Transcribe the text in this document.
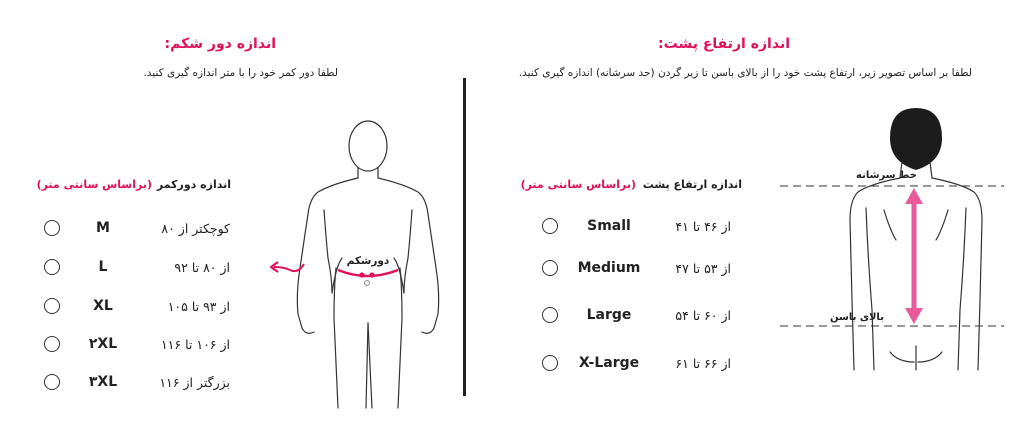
اندازه دور شکم:
لطفا دور کمر خود را با متر اندازه گیری کنید.
اندازه دورکمر
(براساس سانتی متر)
M	کوچکتر از ۸۰
L	از ۸۰ تا ۹۲
XL	از ۹۳ تا ۱۰۵
۲XL	از ۱۰۶ تا ۱۱۶
۳XL	بزرگتر از ۱۱۶
دورشکم
اندازه ارتفاع پشت:
لطفا بر اساس تصویر زیر، ارتفاع پشت خود را از بالای باسن تا زیر گردن (حد سرشانه) اندازه گیری کنید.
اندازه ارتفاع پشت
(براساس سانتی متر)
Small	از ۴۶ تا ۴۱
Medium	از ۵۳ تا ۴۷
Large	از ۶۰ تا ۵۴
X-Large	از ۶۶ تا ۶۱
خط سرشانه
بالای باسن
